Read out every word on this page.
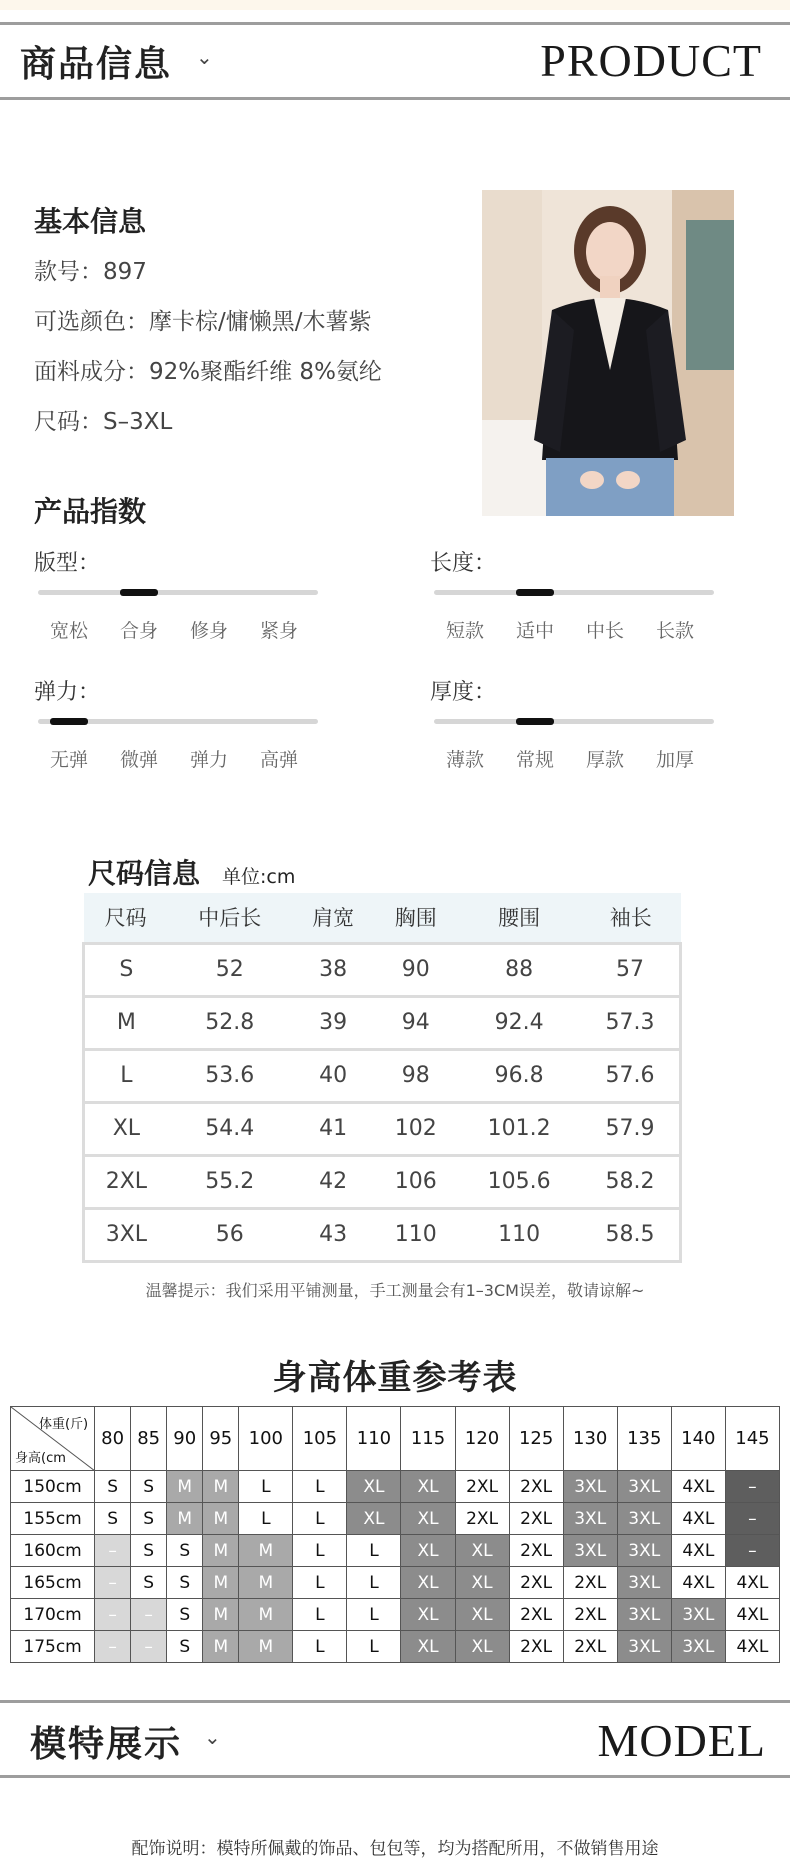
商品信息 ⌄	PRODUCT
基本信息
款号：897
可选颜色：摩卡棕/慵懒黑/木薯紫
面料成分：92%聚酯纤维 8%氨纶
尺码：S–3XL
产品指数
版型：
宽松	合身	修身	紧身
长度：
短款	适中	中长	长款
弹力：
无弹	微弹	弹力	高弹
厚度：
薄款	常规	厚款	加厚
尺码信息 单位:cm
尺码	中后长	肩宽	胸围	腰围	袖长
S	52	38	90	88	57
M	52.8	39	94	92.4	57.3
L	53.6	40	98	96.8	57.6
XL	54.4	41	102	101.2	57.9
2XL	55.2	42	106	105.6	58.2
3XL	56	43	110	110	58.5
温馨提示：我们采用平铺测量，手工测量会有1–3CM误差，敬请谅解~
身高体重参考表
体重(斤)
身高(cm	80	85	90	95	100	105	110	115	120	125	130	135	140	145
150cm	S	S	M	M	L	L	XL	XL	2XL	2XL	3XL	3XL	4XL	–
155cm	S	S	M	M	L	L	XL	XL	2XL	2XL	3XL	3XL	4XL	–
160cm	–	S	S	M	M	L	L	XL	XL	2XL	3XL	3XL	4XL	–
165cm	–	S	S	M	M	L	L	XL	XL	2XL	2XL	3XL	4XL	4XL
170cm	–	–	S	M	M	L	L	XL	XL	2XL	2XL	3XL	3XL	4XL
175cm	–	–	S	M	M	L	L	XL	XL	2XL	2XL	3XL	3XL	4XL
模特展示 ⌄	MODEL
配饰说明：模特所佩戴的饰品、包包等，均为搭配所用，不做销售用途
